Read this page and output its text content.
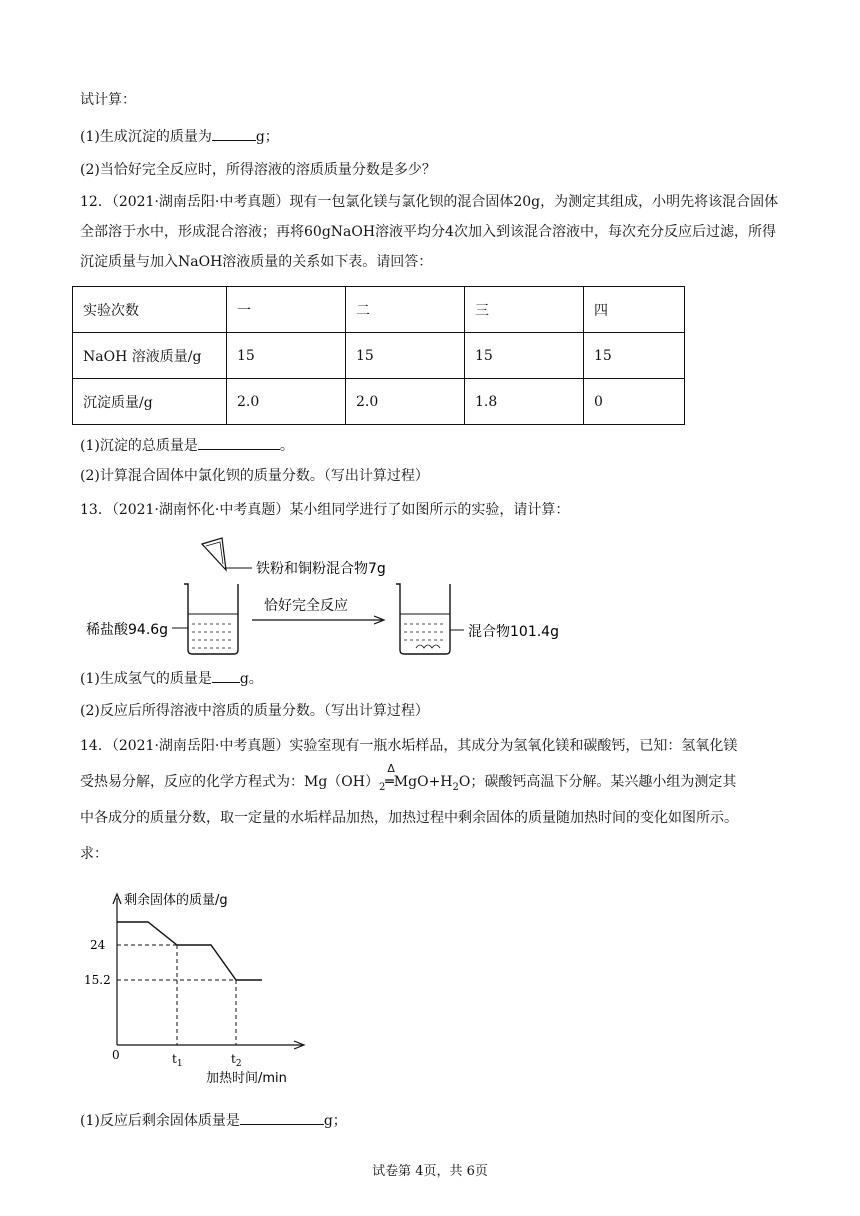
试计算：
(1)生成沉淀的质量为	g；
(2)当恰好完全反应时，所得溶液的溶质质量分数是多少？
12．（2021·湖南岳阳·中考真题）现有一包氯化镁与氯化钡的混合固体20g，为测定其组成，小明先将该混合固体全部溶于水中，形成混合溶液；再将60gNaOH溶液平均分4次加入到该混合溶液中，每次充分反应后过滤，所得沉淀质量与加入NaOH溶液质量的关系如下表。请回答：
实验次数	一	二	三	四
NaOH 溶液质量/g	15	15	15	15
沉淀质量/g	2.0	2.0	1.8	0
(1)沉淀的总质量是	。
(2)计算混合固体中氯化钡的质量分数。（写出计算过程）
13．（2021·湖南怀化·中考真题）某小组同学进行了如图所示的实验，请计算：
铁粉和铜粉混合物7g
稀盐酸94.6g
恰好完全反应
混合物101.4g
(1)生成氢气的质量是 g。
(2)反应后所得溶液中溶质的质量分数。（写出计算过程）
14．（2021·湖南岳阳·中考真题）实验室现有一瓶水垢样品，其成分为氢氧化镁和碳酸钙，已知：氢氧化镁
受热易分解，反应的化学方程式为：$Mg(OH)_2$
Δ
$═MgO+H_2O$；碳酸钙高温下分解。某兴趣小组为测定其
中各成分的质量分数，取一定量的水垢样品加热，加热过程中剩余固体的质量随加热时间的变化如图所示。
求：
剩余固体的质量/g
0
24
15.2
$t_1$	$t_2$
加热时间/min
(1)反应后剩余固体质量是	g；
试卷第 4页，共 6页
